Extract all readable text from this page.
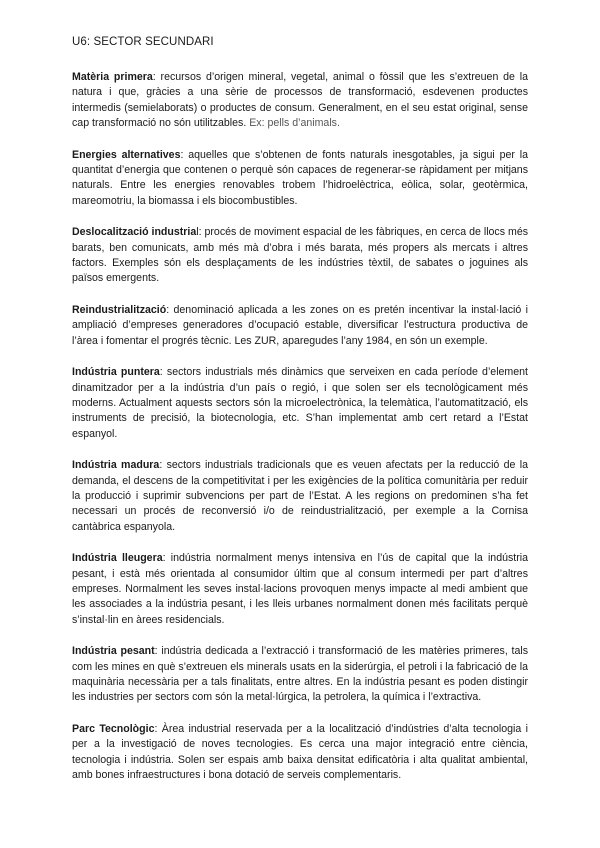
U6: SECTOR SECUNDARI

Matèria primera: recursos d’origen mineral, vegetal, animal o fòssil que les s’extreuen de la natura i que, gràcies a una sèrie de processos de transformació, esdevenen productes intermedis (semielaborats) o productes de consum. Generalment, en el seu estat original, sense cap transformació no són utilitzables. Ex: pells d’animals.

Energies alternatives: aquelles que s’obtenen de fonts naturals inesgotables, ja sigui per la quantitat d’energia que contenen o perquè són capaces de regenerar-se ràpidament per mitjans naturals. Entre les energies renovables trobem l’hidroelèctrica, eòlica, solar, geotèrmica, mareomotriu, la biomassa i els biocombustibles.

Deslocalització industrial: procés de moviment espacial de les fàbriques, en cerca de llocs més barats, ben comunicats, amb més mà d’obra i més barata, més propers als mercats i altres factors. Exemples són els desplaçaments de les indústries tèxtil, de sabates o joguines als països emergents.

Reindustrialització: denominació aplicada a les zones on es pretén incentivar la instal·lació i ampliació d’empreses generadores d’ocupació estable, diversificar l’estructura productiva de l’àrea i fomentar el progrés tècnic. Les ZUR, aparegudes l’any 1984, en són un exemple.

Indústria puntera: sectors industrials més dinàmics que serveixen en cada període d’element dinamitzador per a la indústria d’un país o regió, i que solen ser els tecnològicament més moderns. Actualment aquests sectors són la microelectrònica, la telemàtica, l’automatització, els instruments de precisió, la biotecnologia, etc. S’han implementat amb cert retard a l’Estat espanyol.

Indústria madura: sectors industrials tradicionals que es veuen afectats per la reducció de la demanda, el descens de la competitivitat i per les exigències de la política comunitària per reduir la producció i suprimir subvencions per part de l’Estat. A les regions on predominen s’ha fet necessari un procés de reconversió i/o de reindustrialització, per exemple a la Cornisa cantàbrica espanyola.

Indústria lleugera: indústria normalment menys intensiva en l’ús de capital que la indústria pesant, i està més orientada al consumidor últim que al consum intermedi per part d’altres empreses. Normalment les seves instal·lacions provoquen menys impacte al medi ambient que les associades a la indústria pesant, i les lleis urbanes normalment donen més facilitats perquè s’instal·lin en àrees residencials.

Indústria pesant: indústria dedicada a l’extracció i transformació de les matèries primeres, tals com les mines en què s’extreuen els minerals usats en la siderúrgia, el petroli i la fabricació de la maquinària necessària per a tals finalitats, entre altres. En la indústria pesant es poden distingir les industries per sectors com són la metal·lúrgica, la petrolera, la química i l’extractiva.

Parc Tecnològic: Àrea industrial reservada per a la localització d’indústries d’alta tecnologia i per a la investigació de noves tecnologies. Es cerca una major integració entre ciència, tecnologia i indústria. Solen ser espais amb baixa densitat edificatòria i alta qualitat ambiental, amb bones infraestructures i bona dotació de serveis complementaris.
